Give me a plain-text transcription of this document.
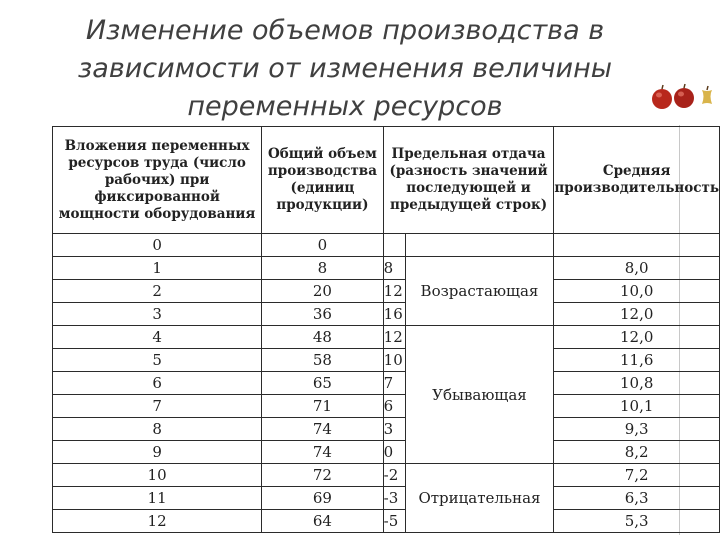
Изменение объемов производства в зависимости от изменения величины переменных ресурсов
Вложения переменных ресурсов труда (число рабочих) при фиксированной мощности оборудования	Общий объем производства (единиц продукции)	Предельная отдача (разность значений последующей и предыдущей строк)		Средняя производительность
0	0			
1	8	8	Возрастающая	8,0
2	20	12		10,0
3	36	16		12,0
4	48	12	Убывающая	12,0
5	58	10		11,6
6	65	7		10,8
7	71	6		10,1
8	74	3		9,3
9	74	0		8,2
10	72	-2	Отрицательная	7,2
11	69	-3		6,3
12	64	-5		5,3
